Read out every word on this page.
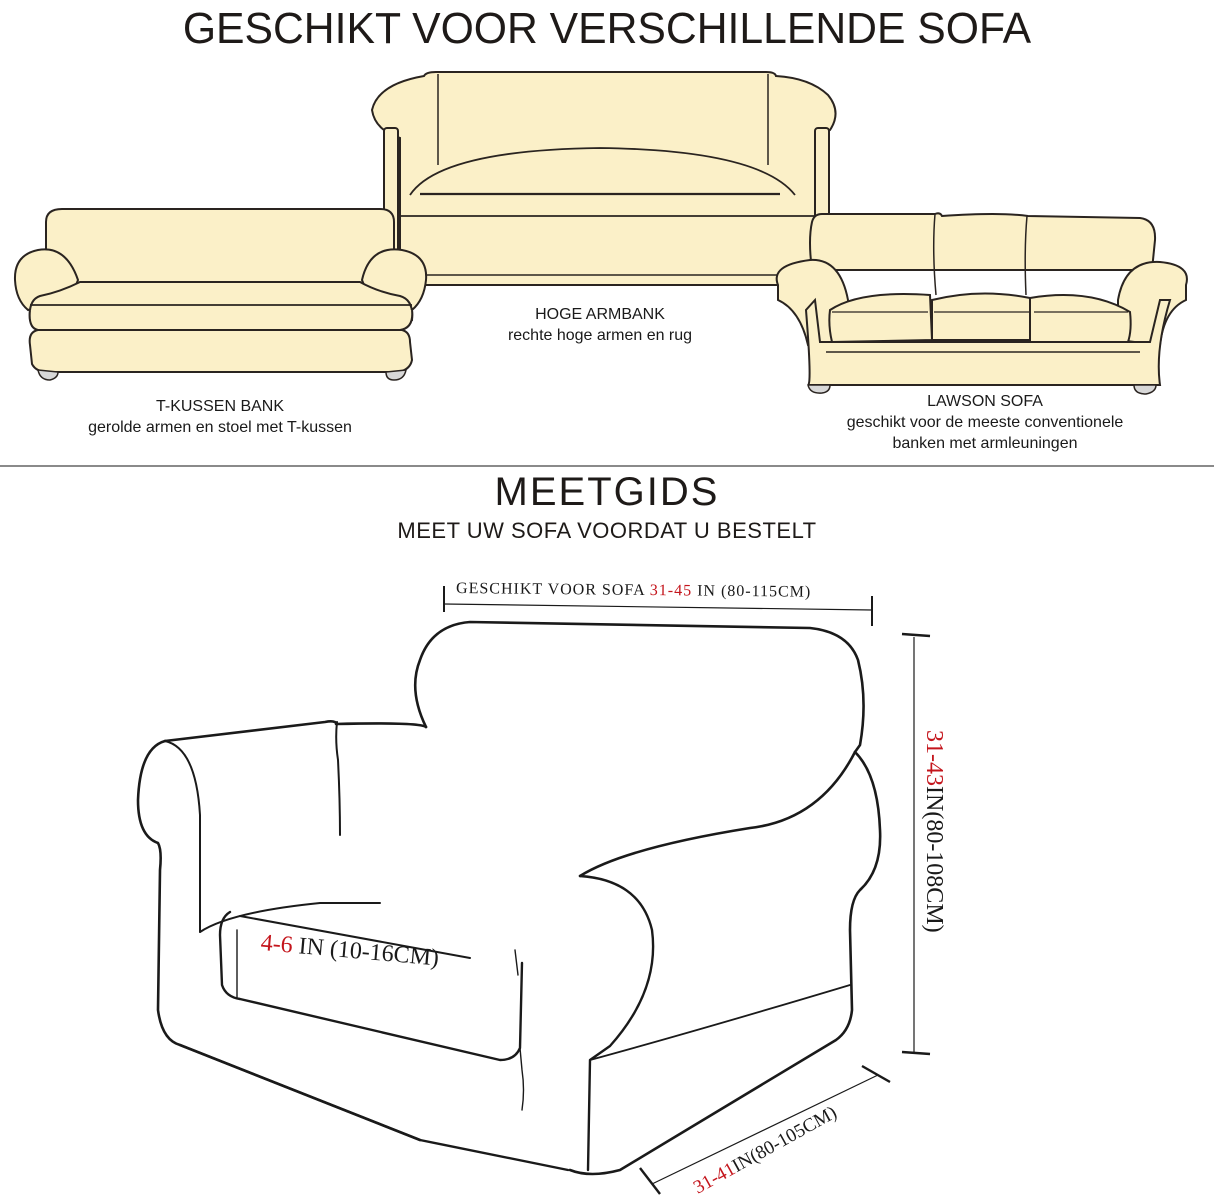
GESCHIKT VOOR VERSCHILLENDE SOFA
T-KUSSEN BANK
gerolde armen en stoel met T-kussen
HOGE ARMBANK
rechte hoge armen en rug
LAWSON SOFA
geschikt voor de meeste conventionele
banken met armleuningen
MEETGIDS
MEET UW SOFA VOORDAT U BESTELT
GESCHIKT VOOR SOFA 31-45 IN (80-115CM)
31-43IN(80-108CM)
4-6 IN (10-16CM)
31-41IN(80-105CM)
